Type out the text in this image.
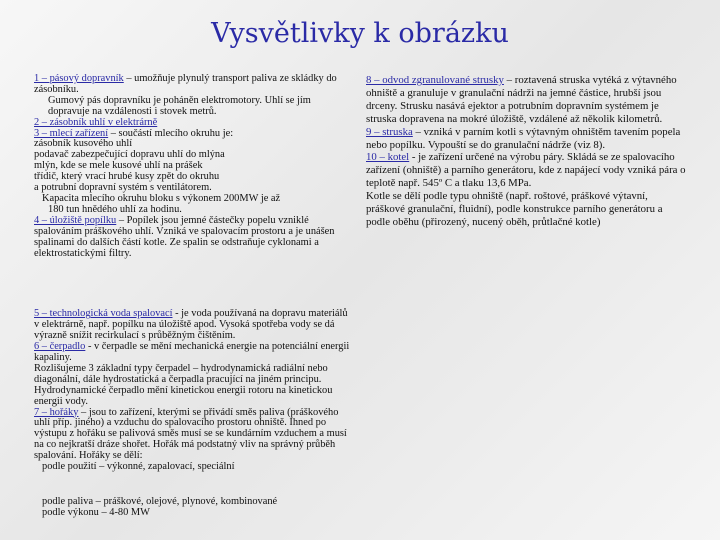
Vysvětlivky k obrázku

1 – pásový dopravník – umožňuje plynulý transport paliva ze skládky do zásobníku.

Gumový pás dopravníku je poháněn elektromotory. Uhlí se jím dopravuje na vzdálenosti i stovek metrů.

2 – zásobník uhlí v elektrárně

3 – mlecí zařízení – součástí mlecího okruhu je:

zásobník kusového uhlí

podavač zabezpečující dopravu uhlí do mlýna

mlýn, kde se mele kusové uhlí na prášek

třídič, který vrací hrubé kusy zpět do okruhu

a potrubní dopravní systém s ventilátorem.

Kapacita mlecího okruhu bloku s výkonem 200MW je až

180 tun hnědého uhlí za hodinu.

4 – úložiště popílku – Popílek jsou jemné částečky popelu vzniklé spalováním práškového uhlí. Vzniká ve spalovacím prostoru a je unášen spalinami do dalších částí kotle. Ze spalin se odstraňuje cyklonami a elektrostatickými filtry.

5 – technologická voda spalovací - je voda používaná na dopravu materiálů v elektrárně, např. popílku na úložiště apod. Vysoká spotřeba vody se dá výrazně snížit recirkulací s průběžným čištěním.

6 – čerpadlo - v čerpadle se mění mechanická energie na potenciální energii kapaliny.

Rozlišujeme 3 základní typy čerpadel – hydrodynamická radiální nebo diagonální, dále hydrostatická a čerpadla pracující na jiném principu. Hydrodynamické čerpadlo mění kinetickou energii rotoru na kinetickou energii vody.

7 – hořáky – jsou to zařízení, kterými se přivádí směs paliva (práškového uhlí příp. jiného) a vzduchu do spalovacího prostoru ohniště. Ihned po výstupu z hořáku se palivová směs musí se se kundárním vzduchem a musí na co nejkratší dráze shořet. Hořák má podstatný vliv na správný průběh spalování. Hořáky se dělí:

podle použití – výkonné, zapalovací, speciální

podle paliva – práškové, olejové, plynové, kombinované

podle výkonu – 4-80 MW

8 – odvod zgranulované strusky – roztavená struska vytéká z výtavného ohniště a granuluje v granulační nádrži na jemné částice, hrubší jsou drceny. Strusku nasává ejektor a potrubním dopravním systémem je struska dopravena na mokré úložiště, vzdálené až několik kilometrů.

9 – struska – vzniká v parním kotli s výtavným ohništěm tavením popela nebo popílku. Vypouští se do granulační nádrže (viz 8).

10 – kotel - je zařízení určené na výrobu páry. Skládá se ze spalovacího zařízení (ohniště) a parního generátoru, kde z napájecí vody vzniká pára o teplotě např. 545º C a tlaku 13,6 MPa.

Kotle se dělí podle typu ohniště (např. roštové, práškové výtavní, práškové granulační, fluidní), podle konstrukce parního generátoru a podle oběhu (přirozený, nucený oběh, průtlačné kotle)
